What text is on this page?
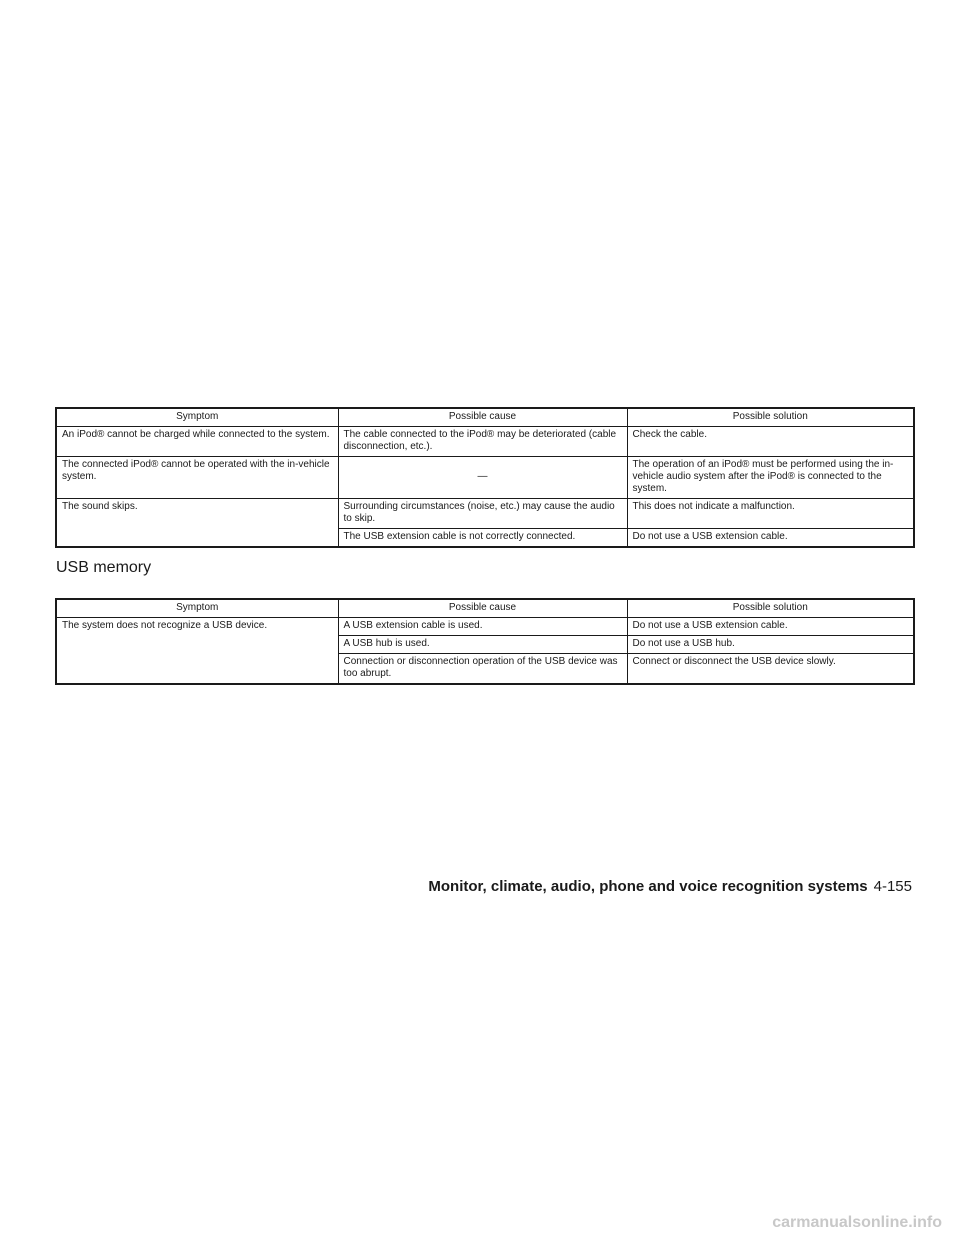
Symptom	Possible cause	Possible solution
An iPod® cannot be charged while connected to the system.	The cable connected to the iPod® may be deteriorated (cable disconnection, etc.).	Check the cable.
The connected iPod® cannot be operated with the in-vehicle system.	—	The operation of an iPod® must be performed using the in-vehicle audio system after the iPod® is connected to the system.
The sound skips.	Surrounding circumstances (noise, etc.) may cause the audio to skip.	This does not indicate a malfunction.
	The USB extension cable is not correctly connected.	Do not use a USB extension cable.
USB memory
Symptom	Possible cause	Possible solution
The system does not recognize a USB device.	A USB extension cable is used.	Do not use a USB extension cable.
	A USB hub is used.	Do not use a USB hub.
	Connection or disconnection operation of the USB device was too abrupt.	Connect or disconnect the USB device slowly.
Monitor, climate, audio, phone and voice recognition systems 4-155
carmanualsonline.info
